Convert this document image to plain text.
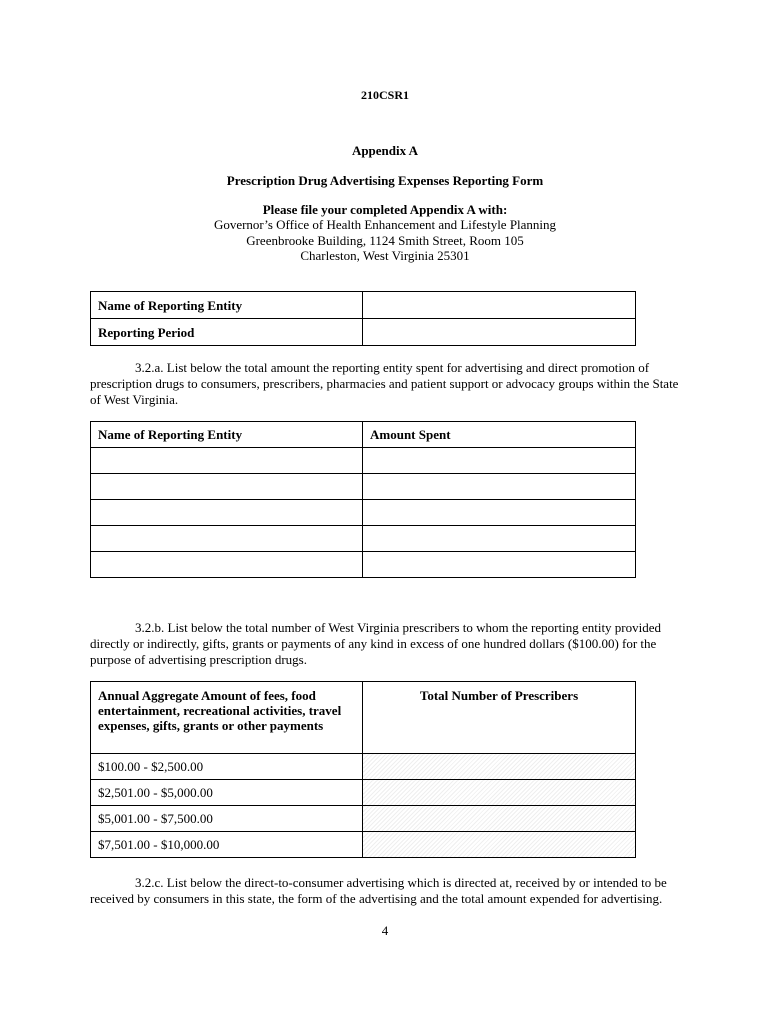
210CSR1
Appendix A
Prescription Drug Advertising Expenses Reporting Form
Please file your completed Appendix A with:
Governor’s Office of Health Enhancement and Lifestyle Planning
Greenbrooke Building, 1124 Smith Street, Room 105
Charleston, West Virginia 25301
Name of Reporting Entity	
Reporting Period	
3.2.a. List below the total amount the reporting entity spent for advertising and direct promotion of prescription drugs to consumers, prescribers, pharmacies and patient support or advocacy groups within the State of West Virginia.
Name of Reporting Entity	Amount Spent

3.2.b. List below the total number of West Virginia prescribers to whom the reporting entity provided directly or indirectly, gifts, grants or payments of any kind in excess of one hundred dollars ($100.00) for the purpose of advertising prescription drugs.
Annual Aggregate Amount of fees, food entertainment, recreational activities, travel expenses, gifts, grants or other payments	Total Number of Prescribers
$100.00 - $2,500.00	
$2,501.00 - $5,000.00	
$5,001.00 - $7,500.00	
$7,501.00 - $10,000.00	
3.2.c. List below the direct-to-consumer advertising which is directed at, received by or intended to be received by consumers in this state, the form of the advertising and the total amount expended for advertising.
4
